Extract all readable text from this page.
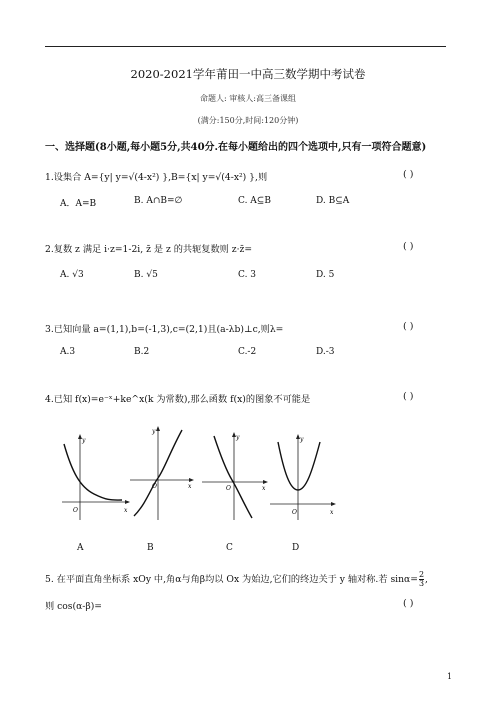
2020-2021学年莆田一中高三数学期中考试卷
命题人: 审核人:高三备课组
(满分:150分,时间:120分钟)
一、选择题(8小题,每小题5分,共40分.在每小题给出的四个选项中,只有一项符合题意)
1.设集合 A={y| y=√(4-x²) },B={x| y=√(4-x²) },则	( )
A．A=B	B. A∩B=∅	C. A⊆B	D. B⊆A
2.复数 z 满足 i·z=1-2i, z̄ 是 z 的共轭复数则 z·z̄=	( )
A. √3	B. √5	C. 3	D. 5
3.已知向量 a=(1,1),b=(-1,3),c=(2,1)且(a-λb)⊥c,则λ=	( )
A.3	B.2	C.-2	D.-3
4.已知 f(x)=e⁻ˣ+ke^x(k 为常数),那么函数 f(x)的图象不可能是	( )
y
x
O
y
x
O
y
x
O
y
x
O
A	B	C	D
5. 在平面直角坐标系 xOy 中,角α与角β均以 Ox 为始边,它们的终边关于 y 轴对称.若 $\sin\alpha= \frac{2}{3}$ ,
则 cos(α-β)=	( )
1
